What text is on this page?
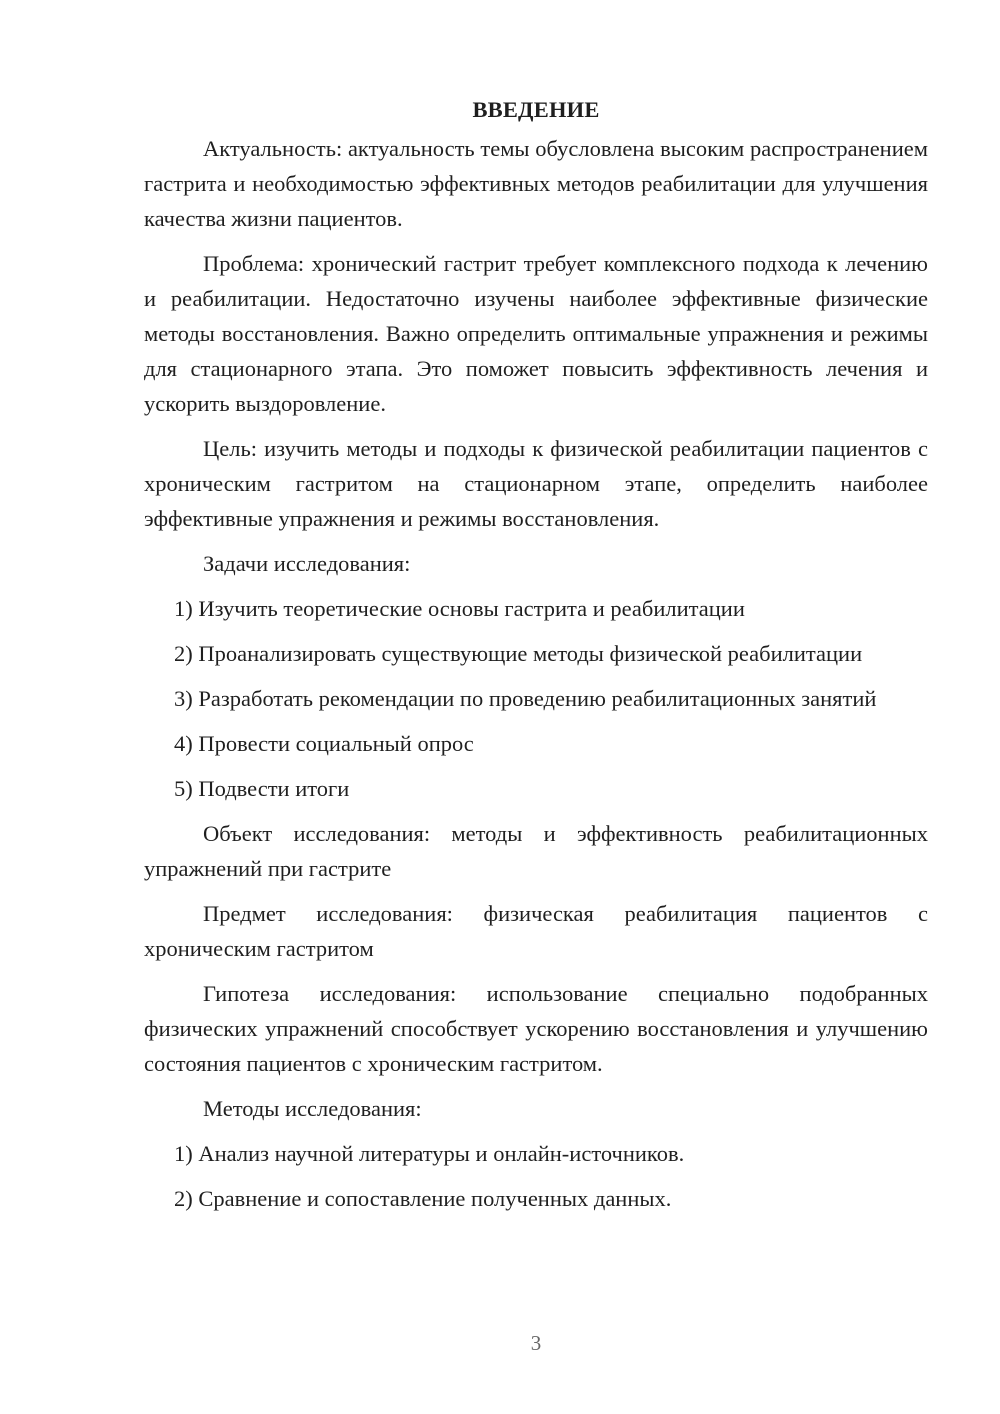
ВВЕДЕНИЕ

Актуальность: актуальность темы обусловлена высоким распространением гастрита и необходимостью эффективных методов реабилитации для улучшения качества жизни пациентов.

Проблема: хронический гастрит требует комплексного подхода к лечению и реабилитации. Недостаточно изучены наиболее эффективные физические методы восстановления. Важно определить оптимальные упражнения и режимы для стационарного этапа. Это поможет повысить эффективность лечения и ускорить выздоровление.

Цель: изучить методы и подходы к физической реабилитации пациентов с хроническим гастритом на стационарном этапе, определить наиболее эффективные упражнения и режимы восстановления.

Задачи исследования:

1) Изучить теоретические основы гастрита и реабилитации

2) Проанализировать существующие методы физической реабилитации

3) Разработать рекомендации по проведению реабилитационных занятий

4) Провести социальный опрос

5) Подвести итоги

Объект исследования: методы и эффективность реабилитационных упражнений при гастрите

Предмет исследования: физическая реабилитация пациентов с хроническим гастритом

Гипотеза исследования: использование специально подобранных физических упражнений способствует ускорению восстановления и улучшению состояния пациентов с хроническим гастритом.

Методы исследования:

1) Анализ научной литературы и онлайн-источников.

2) Сравнение и сопоставление полученных данных.

3
